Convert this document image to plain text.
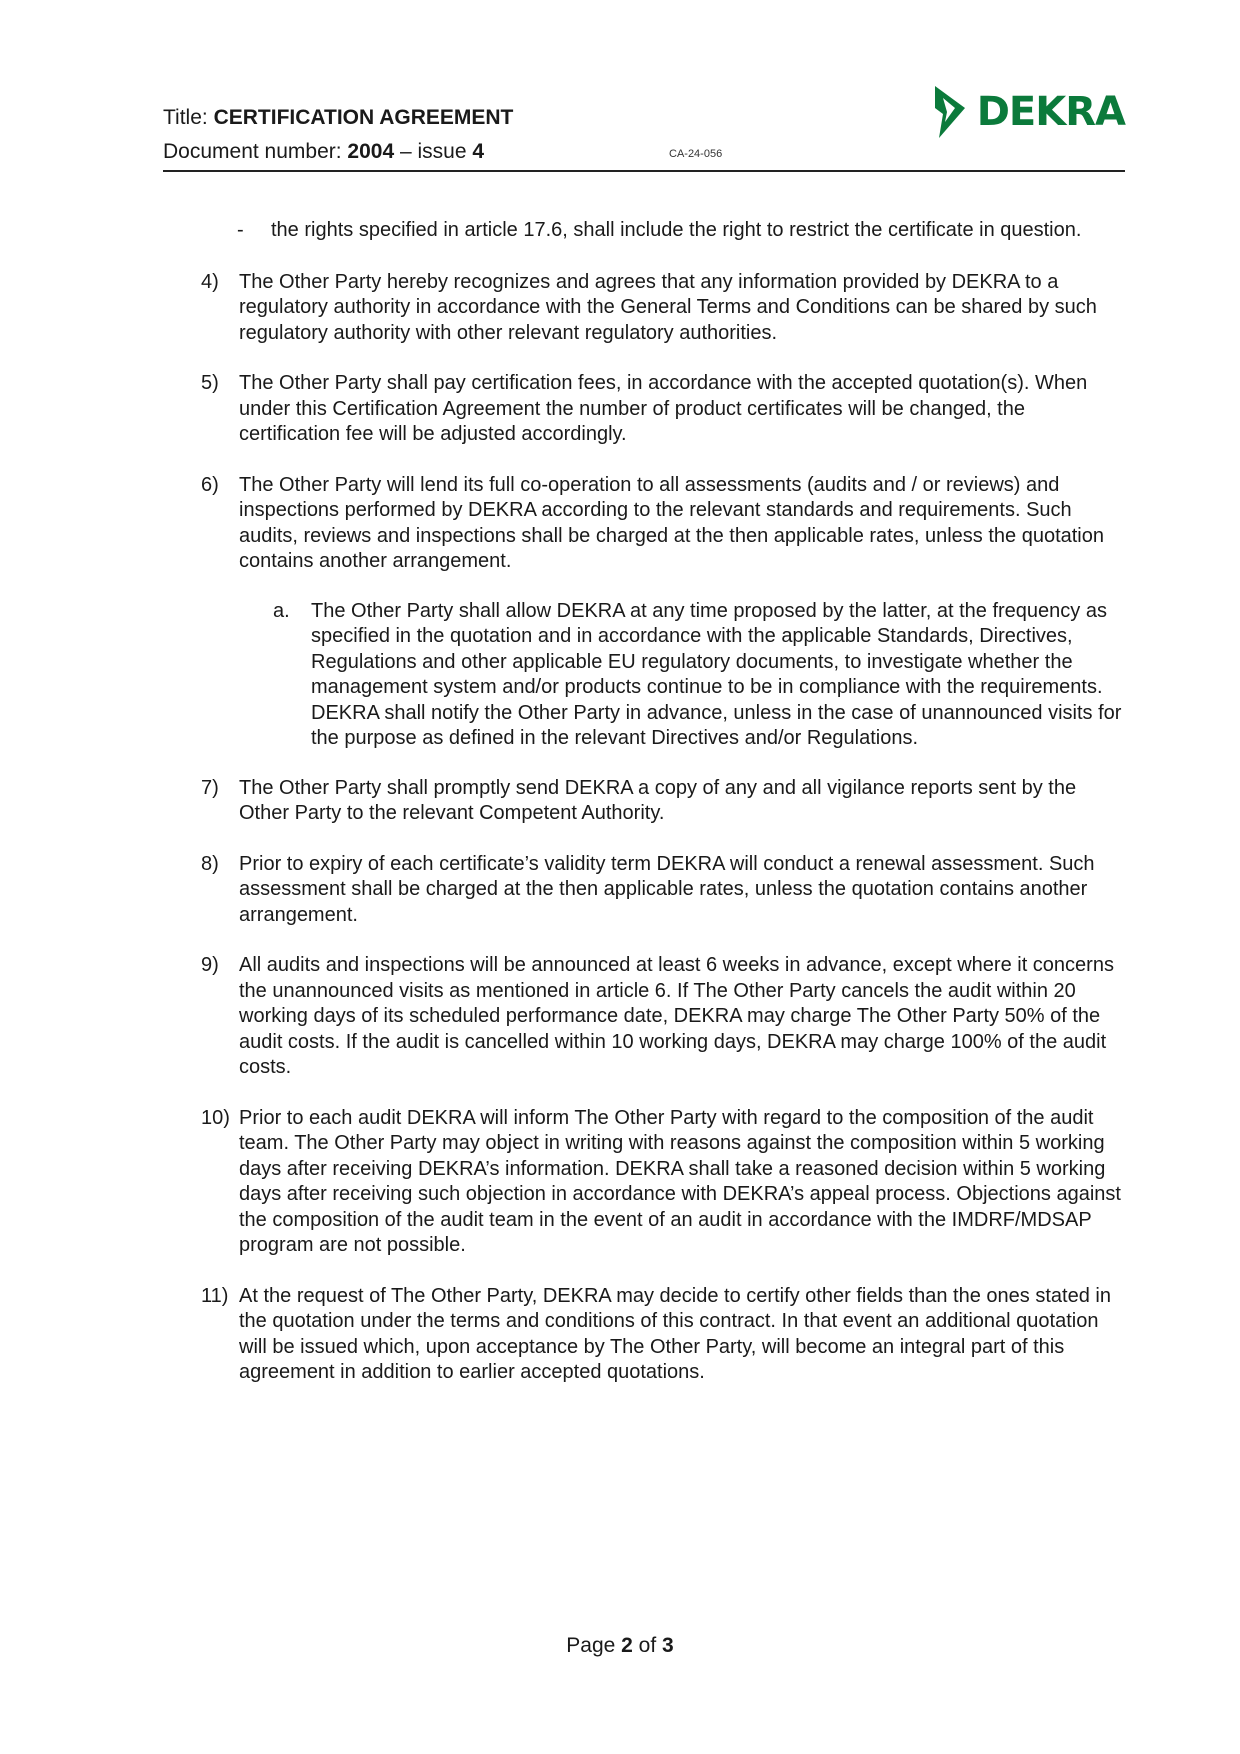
Title: CERTIFICATION AGREEMENT
Document number: 2004 – issue 4	CA-24-056
DEKRA
-	the rights specified in article 17.6, shall include the right to restrict the certificate in question.
4) The Other Party hereby recognizes and agrees that any information provided by DEKRA to a regulatory authority in accordance with the General Terms and Conditions can be shared by such regulatory authority with other relevant regulatory authorities.
5) The Other Party shall pay certification fees, in accordance with the accepted quotation(s). When under this Certification Agreement the number of product certificates will be changed, the certification fee will be adjusted accordingly.
6) The Other Party will lend its full co-operation to all assessments (audits and / or reviews) and inspections performed by DEKRA according to the relevant standards and requirements. Such audits, reviews and inspections shall be charged at the then applicable rates, unless the quotation contains another arrangement.
a. The Other Party shall allow DEKRA at any time proposed by the latter, at the frequency as specified in the quotation and in accordance with the applicable Standards, Directives, Regulations and other applicable EU regulatory documents, to investigate whether the management system and/or products continue to be in compliance with the requirements. DEKRA shall notify the Other Party in advance, unless in the case of unannounced visits for the purpose as defined in the relevant Directives and/or Regulations.
7) The Other Party shall promptly send DEKRA a copy of any and all vigilance reports sent by the Other Party to the relevant Competent Authority.
8) Prior to expiry of each certificate’s validity term DEKRA will conduct a renewal assessment. Such assessment shall be charged at the then applicable rates, unless the quotation contains another arrangement.
9) All audits and inspections will be announced at least 6 weeks in advance, except where it concerns the unannounced visits as mentioned in article 6. If The Other Party cancels the audit within 20 working days of its scheduled performance date, DEKRA may charge The Other Party 50% of the audit costs. If the audit is cancelled within 10 working days, DEKRA may charge 100% of the audit costs.
10) Prior to each audit DEKRA will inform The Other Party with regard to the composition of the audit team. The Other Party may object in writing with reasons against the composition within 5 working days after receiving DEKRA’s information. DEKRA shall take a reasoned decision within 5 working days after receiving such objection in accordance with DEKRA’s appeal process. Objections against the composition of the audit team in the event of an audit in accordance with the IMDRF/MDSAP program are not possible.
11) At the request of The Other Party, DEKRA may decide to certify other fields than the ones stated in the quotation under the terms and conditions of this contract. In that event an additional quotation will be issued which, upon acceptance by The Other Party, will become an integral part of this agreement in addition to earlier accepted quotations.
Page 2 of 3
